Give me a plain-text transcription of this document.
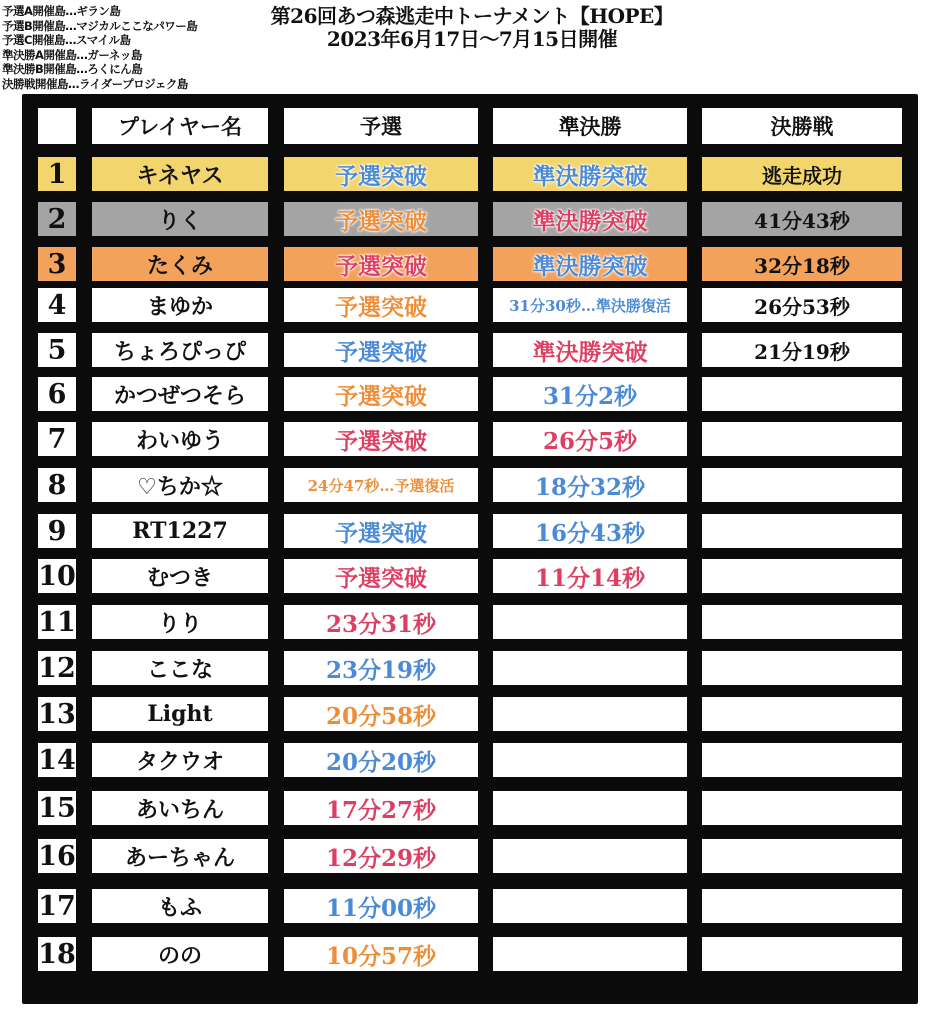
予選A開催島…ギラン島
予選B開催島…マジカルここなパワー島
予選C開催島…スマイル島
準決勝A開催島…ガーネッ島
準決勝B開催島…ろくにん島
決勝戦開催島…ライダープロジェク島
第26回あつ森逃走中トーナメント【HOPE】
2023年6月17日〜7月15日開催
プレイヤー名	予選	準決勝	決勝戦
1	キネヤス	予選突破	準決勝突破	逃走成功
2	りく	予選突破	準決勝突破	41分43秒
3	たくみ	予選突破	準決勝突破	32分18秒
4	まゆか	予選突破	31分30秒…準決勝復活	26分53秒
5	ちょろぴっぴ	予選突破	準決勝突破	21分19秒
6	かつぜつそら	予選突破	31分2秒
7	わいゆう	予選突破	26分5秒
8	♡ちか☆	24分47秒…予選復活	18分32秒
9	RT1227	予選突破	16分43秒
10	むつき	予選突破	11分14秒
11	りり	23分31秒
12	ここな	23分19秒
13	Light	20分58秒
14	タクウオ	20分20秒
15	あいちん	17分27秒
16	あーちゃん	12分29秒
17	もふ	11分00秒
18	のの	10分57秒
